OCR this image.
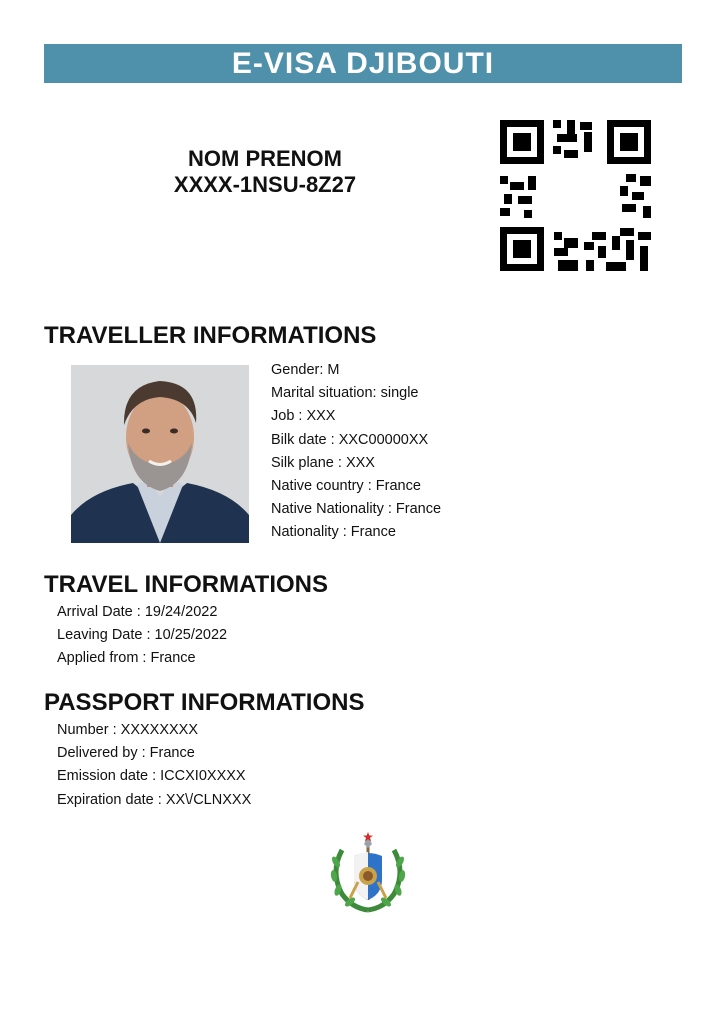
E-VISA DJIBOUTI
NOM PRENOM
XXXX-1NSU-8Z27
TRAVELLER INFORMATIONS
Gender: M
Marital situation: single
Job : XXX
Bilk date : XXC00000XX
Silk plane : XXX
Native country : France
Native Nationality : France
Nationality : France
TRAVEL INFORMATIONS
Arrival Date : 19/24/2022
Leaving Date : 10/25/2022
Applied from : France
PASSPORT INFORMATIONS
Number : XXXXXXXX
Delivered by : France
Emission date : ICCXI0XXXX
Expiration date : XX\/CLNXXX
